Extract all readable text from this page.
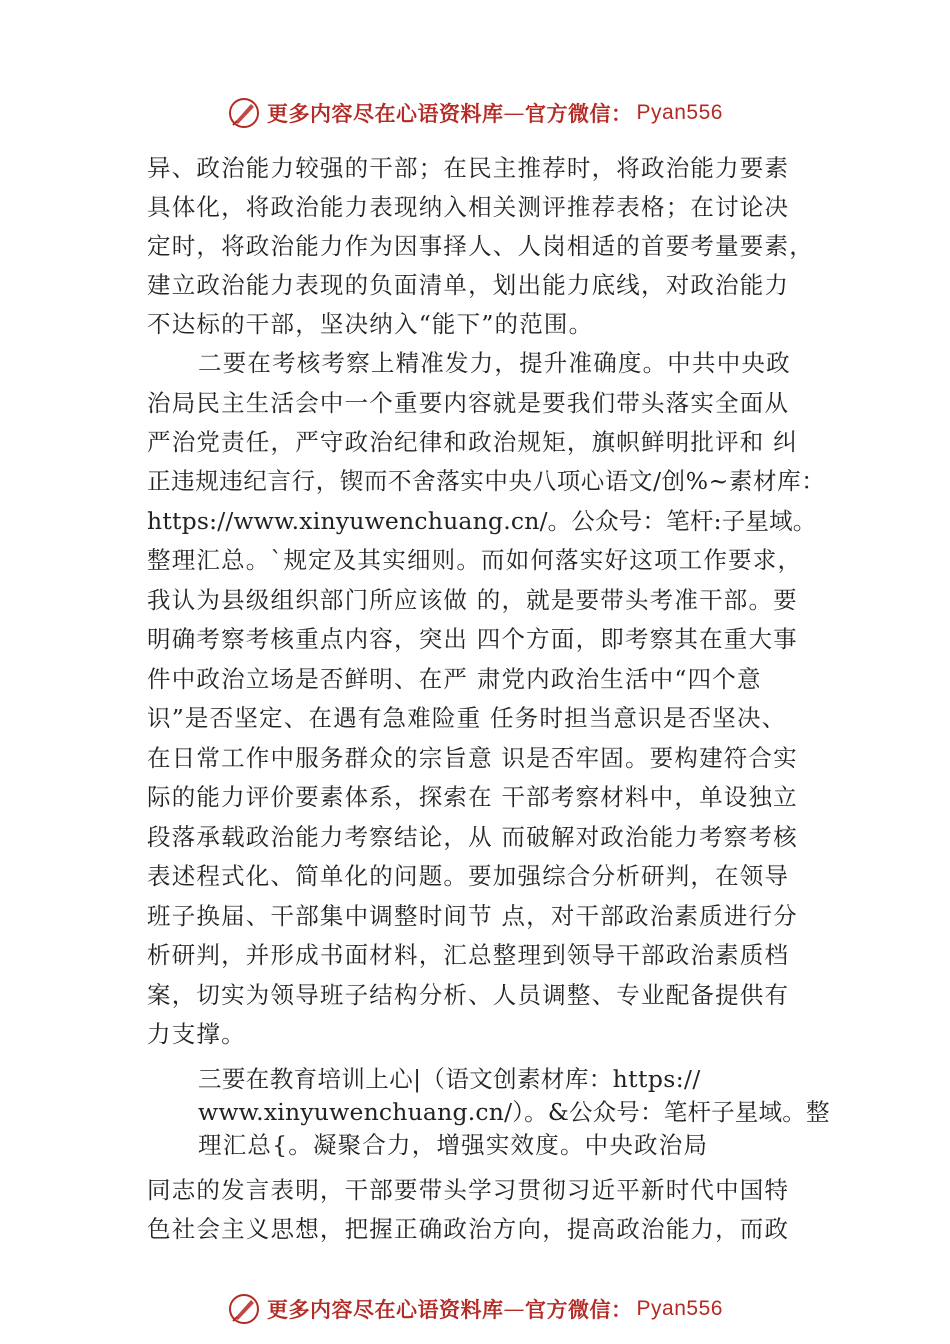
更多内容尽在心语资料库 — 官方微信： Pyan556
异、政治能力较强的干部；在民主推荐时，将政治能力要素
具体化，将政治能力表现纳入相关测评推荐表格；在讨论决
定时，将政治能力作为因事择人、人岗相适的首要考量要素，
建立政治能力表现的负面清单，划出能力底线，对政治能力
不达标的干部，坚决纳入“能下”的范围。
二要在考核考察上精准发力，提升准确度。中共中央政
治局民主生活会中一个重要内容就是要我们带头落实全面从
严治党责任，严守政治纪律和政治规矩，旗帜鲜明批评和 纠
正违规违纪言行，锲而不舍落实中央八项心语文/创%~素材库：
https://www.xinyuwenchuang.cn/。公众号：笔杆:子星域。
整理汇总。`规定及其实细则。而如何落实好这项工作要求，
我认为县级组织部门所应该做 的，就是要带头考准干部。要
明确考察考核重点内容，突出 四个方面，即考察其在重大事
件中政治立场是否鲜明、在严 肃党内政治生活中“四个意
识”是否坚定、在遇有急难险重 任务时担当意识是否坚决、
在日常工作中服务群众的宗旨意 识是否牢固。要构建符合实
际的能力评价要素体系，探索在 干部考察材料中，单设独立
段落承载政治能力考察结论，从 而破解对政治能力考察考核
表述程式化、简单化的问题。要加强综合分析研判，在领导
班子换届、干部集中调整时间节 点，对干部政治素质进行分
析研判，并形成书面材料，汇总整理到领导干部政治素质档
案，切实为领导班子结构分析、人员调整、专业配备提供有
力支撑。
三要在教育培训上心|（语文创素材库：https://
www.xinyuwenchuang.cn/）。&公众号：笔杆子星域。整
理汇总{。凝聚合力，增强实效度。中央政治局
同志的发言表明，干部要带头学习贯彻习近平新时代中国特
色社会主义思想，把握正确政治方向，提高政治能力，而政
更多内容尽在心语资料库 — 官方微信： Pyan556
